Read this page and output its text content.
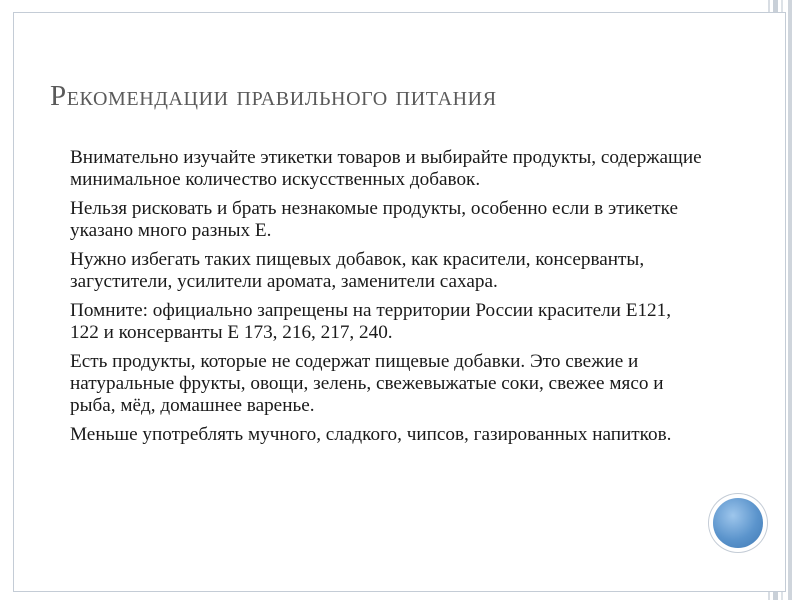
Рекомендации правильного питания
Внимательно изучайте этикетки товаров и выбирайте продукты, содержащие минимальное количество искусственных добавок.
Нельзя рисковать и брать незнакомые продукты, особенно если в этикетке указано много разных Е.
Нужно избегать таких пищевых добавок, как красители, консерванты, загустители, усилители аромата, заменители сахара.
Помните: официально запрещены на территории России красители Е121, 122 и консерванты Е 173, 216, 217, 240.
Есть продукты, которые не содержат пищевые добавки. Это свежие и натуральные фрукты, овощи, зелень, свежевыжатые соки, свежее мясо и рыба, мёд, домашнее варенье.
Меньше употреблять мучного, сладкого, чипсов, газированных напитков.
